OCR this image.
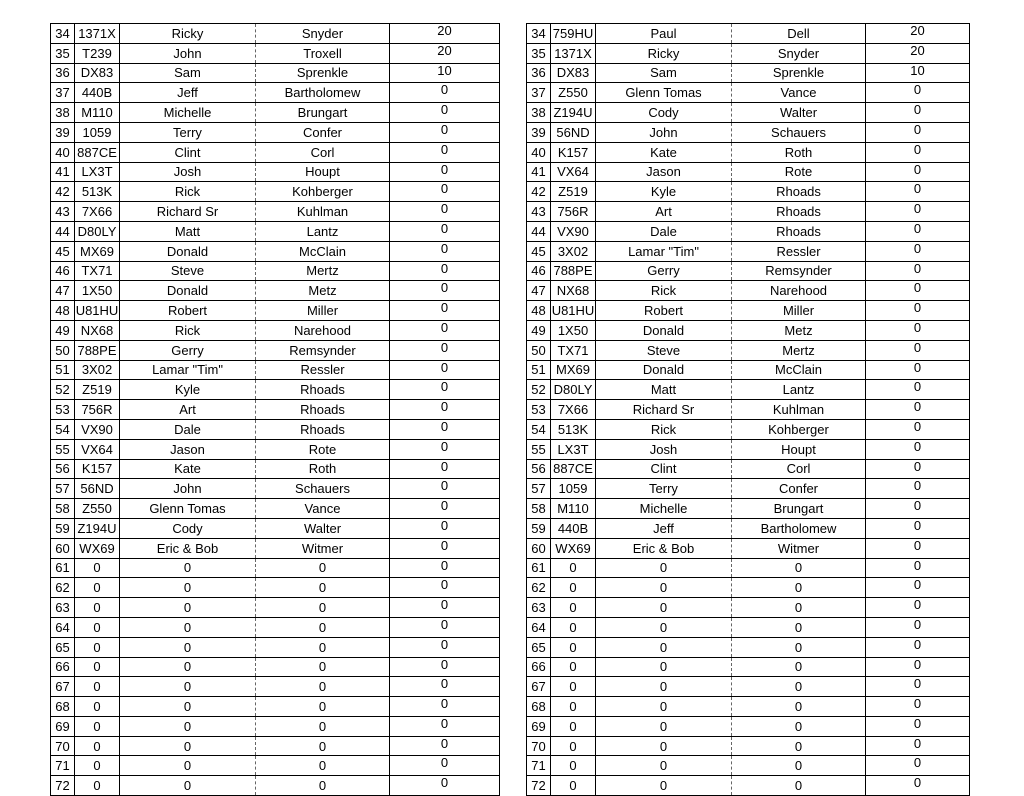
34	1371X	Ricky	Snyder	20
35	T239	John	Troxell	20
36	DX83	Sam	Sprenkle	10
37	440B	Jeff	Bartholomew	0
38	M110	Michelle	Brungart	0
39	1059	Terry	Confer	0
40	887CE	Clint	Corl	0
41	LX3T	Josh	Houpt	0
42	513K	Rick	Kohberger	0
43	7X66	Richard Sr	Kuhlman	0
44	D80LY	Matt	Lantz	0
45	MX69	Donald	McClain	0
46	TX71	Steve	Mertz	0
47	1X50	Donald	Metz	0
48	U81HU	Robert	Miller	0
49	NX68	Rick	Narehood	0
50	788PE	Gerry	Remsynder	0
51	3X02	Lamar "Tim"	Ressler	0
52	Z519	Kyle	Rhoads	0
53	756R	Art	Rhoads	0
54	VX90	Dale	Rhoads	0
55	VX64	Jason	Rote	0
56	K157	Kate	Roth	0
57	56ND	John	Schauers	0
58	Z550	Glenn Tomas	Vance	0
59	Z194U	Cody	Walter	0
60	WX69	Eric & Bob	Witmer	0
61	0	0	0	0
62	0	0	0	0
63	0	0	0	0
64	0	0	0	0
65	0	0	0	0
66	0	0	0	0
67	0	0	0	0
68	0	0	0	0
69	0	0	0	0
70	0	0	0	0
71	0	0	0	0
72	0	0	0	0
34	759HU	Paul	Dell	20
35	1371X	Ricky	Snyder	20
36	DX83	Sam	Sprenkle	10
37	Z550	Glenn Tomas	Vance	0
38	Z194U	Cody	Walter	0
39	56ND	John	Schauers	0
40	K157	Kate	Roth	0
41	VX64	Jason	Rote	0
42	Z519	Kyle	Rhoads	0
43	756R	Art	Rhoads	0
44	VX90	Dale	Rhoads	0
45	3X02	Lamar "Tim"	Ressler	0
46	788PE	Gerry	Remsynder	0
47	NX68	Rick	Narehood	0
48	U81HU	Robert	Miller	0
49	1X50	Donald	Metz	0
50	TX71	Steve	Mertz	0
51	MX69	Donald	McClain	0
52	D80LY	Matt	Lantz	0
53	7X66	Richard Sr	Kuhlman	0
54	513K	Rick	Kohberger	0
55	LX3T	Josh	Houpt	0
56	887CE	Clint	Corl	0
57	1059	Terry	Confer	0
58	M110	Michelle	Brungart	0
59	440B	Jeff	Bartholomew	0
60	WX69	Eric & Bob	Witmer	0
61	0	0	0	0
62	0	0	0	0
63	0	0	0	0
64	0	0	0	0
65	0	0	0	0
66	0	0	0	0
67	0	0	0	0
68	0	0	0	0
69	0	0	0	0
70	0	0	0	0
71	0	0	0	0
72	0	0	0	0
